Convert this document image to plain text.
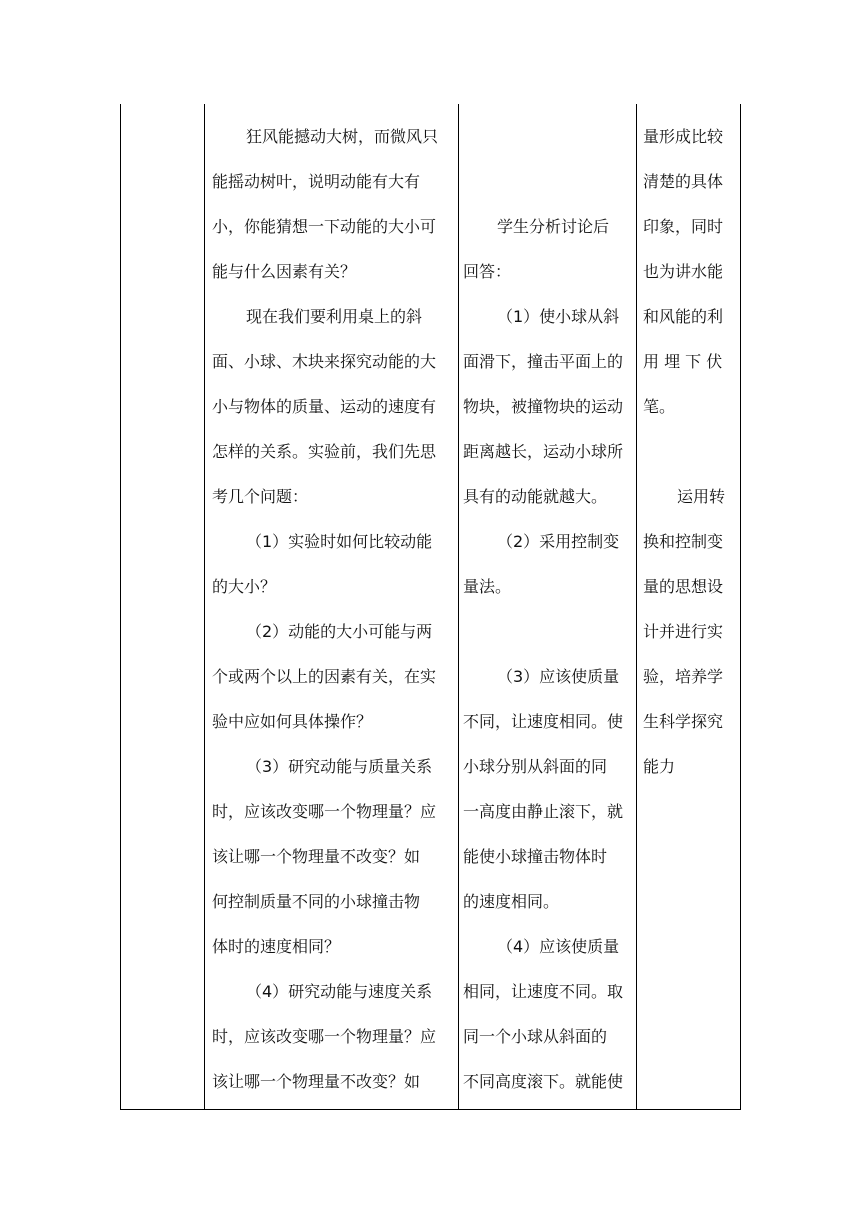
狂风能撼动大树，而微风只
能摇动树叶，说明动能有大有
小，你能猜想一下动能的大小可
能与什么因素有关？
现在我们要利用桌上的斜
面、小球、木块来探究动能的大
小与物体的质量、运动的速度有
怎样的关系。实验前，我们先思
考几个问题：
（1）实验时如何比较动能
的大小？
（2）动能的大小可能与两
个或两个以上的因素有关，在实
验中应如何具体操作？
（3）研究动能与质量关系
时，应该改变哪一个物理量？应
该让哪一个物理量不改变？如
何控制质量不同的小球撞击物
体时的速度相同？
（4）研究动能与速度关系
时，应该改变哪一个物理量？应
该让哪一个物理量不改变？如
学生分析讨论后
回答：
（1）使小球从斜
面滑下，撞击平面上的
物块，被撞物块的运动
距离越长，运动小球所
具有的动能就越大。
（2）采用控制变
量法。
（3）应该使质量
不同，让速度相同。使
小球分别从斜面的同
一高度由静止滚下，就
能使小球撞击物体时
的速度相同。
（4）应该使质量
相同，让速度不同。取
同一个小球从斜面的
不同高度滚下。就能使
量形成比较
清楚的具体
印象，同时
也为讲水能
和风能的利
用 埋 下 伏
笔。
运用转
换和控制变
量的思想设
计并进行实
验，培养学
生科学探究
能力
